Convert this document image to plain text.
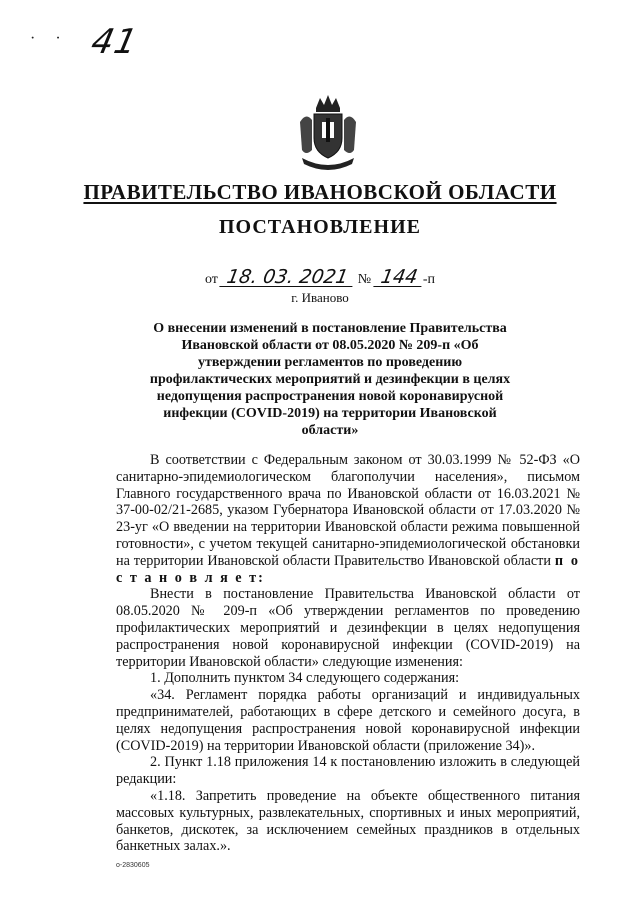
·     · 41
ПРАВИТЕЛЬСТВО ИВАНОВСКОЙ ОБЛАСТИ
ПОСТАНОВЛЕНИЕ
от 18. 03. 2021 № 144 -п
г. Иваново
О внесении изменений в постановление Правительства Ивановской области от 08.05.2020 № 209-п «Об утверждении регламентов по проведению профилактических мероприятий и дезинфекции в целях недопущения распространения новой коронавирусной инфекции (COVID-2019) на территории Ивановской области»

В соответствии с Федеральным законом от 30.03.1999 № 52-ФЗ «О санитарно-эпидемиологическом благополучии населения», письмом Главного государственного врача по Ивановской области от 16.03.2021 № 37-00-02/21-2685, указом Губернатора Ивановской области от 17.03.2020 № 23-уг «О введении на территории Ивановской области режима повышенной готовности», с учетом текущей санитарно-эпидемиологической обстановки на территории Ивановской области Правительство Ивановской области п о с т а н о в л я е т:

Внести в постановление Правительства Ивановской области от 08.05.2020 № 209-п «Об утверждении регламентов по проведению профилактических мероприятий и дезинфекции в целях недопущения распространения новой коронавирусной инфекции (COVID-2019) на территории Ивановской области» следующие изменения:

1. Дополнить пунктом 34 следующего содержания:

«34. Регламент порядка работы организаций и индивидуальных предпринимателей, работающих в сфере детского и семейного досуга, в целях недопущения распространения новой коронавирусной инфекции (COVID-2019) на территории Ивановской области (приложение 34)».

2. Пункт 1.18 приложения 14 к постановлению изложить в следующей редакции:

«1.18. Запретить проведение на объекте общественного питания массовых культурных, развлекательных, спортивных и иных мероприятий, банкетов, дискотек, за исключением семейных праздников в отдельных банкетных залах.».

о-2830605
